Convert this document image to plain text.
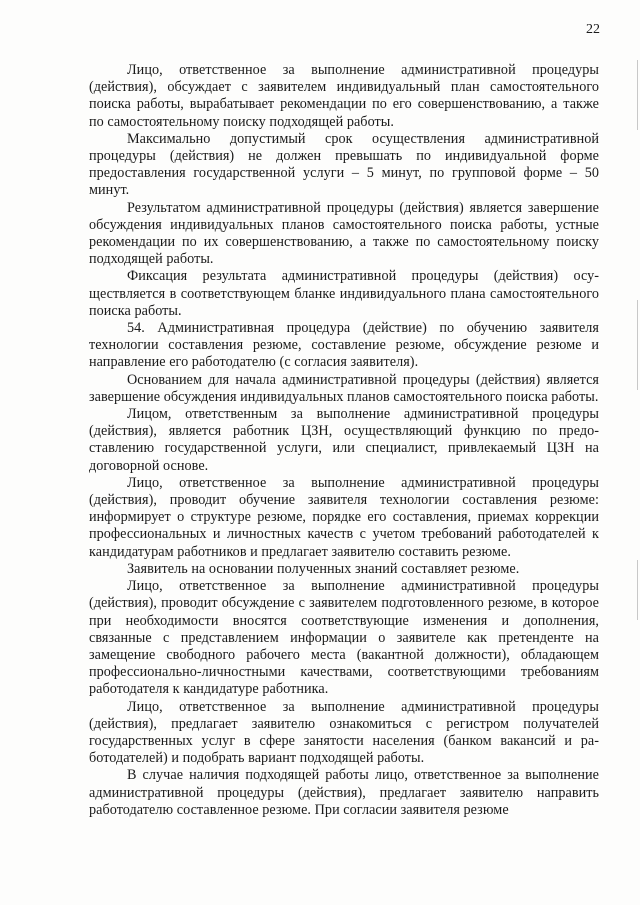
22

Лицо, ответственное за выполнение административной процедуры (действия), обсуждает с заявителем индивидуальный план самостоятельного поиска работы, вырабатывает рекомендации по его совершенствованию, а также по самостоятельному поиску подходящей работы.

Максимально допустимый срок осуществления административной процедуры (действия) не должен превышать по индивидуальной форме предоставления государственной услуги – 5 минут, по групповой форме – 50 минут.

Результатом административной процедуры (действия) является завершение обсуждения индивидуальных планов самостоятельного поиска работы, устные рекомендации по их совершенствованию, а также по самостоятельному поиску подходящей работы.

Фиксация результата административной процедуры (действия) осуществляется в соответствующем бланке индивидуального плана самостоятельного поиска работы.

54. Административная процедура (действие) по обучению заявителя технологии составления резюме, составление резюме, обсуждение резюме и направление его работодателю (с согласия заявителя).

Основанием для начала административной процедуры (действия) является завершение обсуждения индивидуальных планов самостоятельного поиска работы.

Лицом, ответственным за выполнение административной процедуры (действия), является работник ЦЗН, осуществляющий функцию по предоставлению государственной услуги, или специалист, привлекаемый ЦЗН на договорной основе.

Лицо, ответственное за выполнение административной процедуры (действия), проводит обучение заявителя технологии составления резюме: информирует о структуре резюме, порядке его составления, приемах коррекции профессиональных и личностных качеств с учетом требований работодателей к кандидатурам работников и предлагает заявителю составить резюме.

Заявитель на основании полученных знаний составляет резюме.

Лицо, ответственное за выполнение административной процедуры (действия), проводит обсуждение с заявителем подготовленного резюме, в которое при необходимости вносятся соответствующие изменения и дополнения, связанные с представлением информации о заявителе как претенденте на замещение свободного рабочего места (вакантной должности), обладающем профессионально-личностными качествами, соответствующими требованиям работодателя к кандидатуре работника.

Лицо, ответственное за выполнение административной процедуры (действия), предлагает заявителю ознакомиться с регистром получателей государственных услуг в сфере занятости населения (банком вакансий и работодателей) и подобрать вариант подходящей работы.

В случае наличия подходящей работы лицо, ответственное за выполнение административной процедуры (действия), предлагает заявителю направить работодателю составленное резюме. При согласии заявителя резюме
